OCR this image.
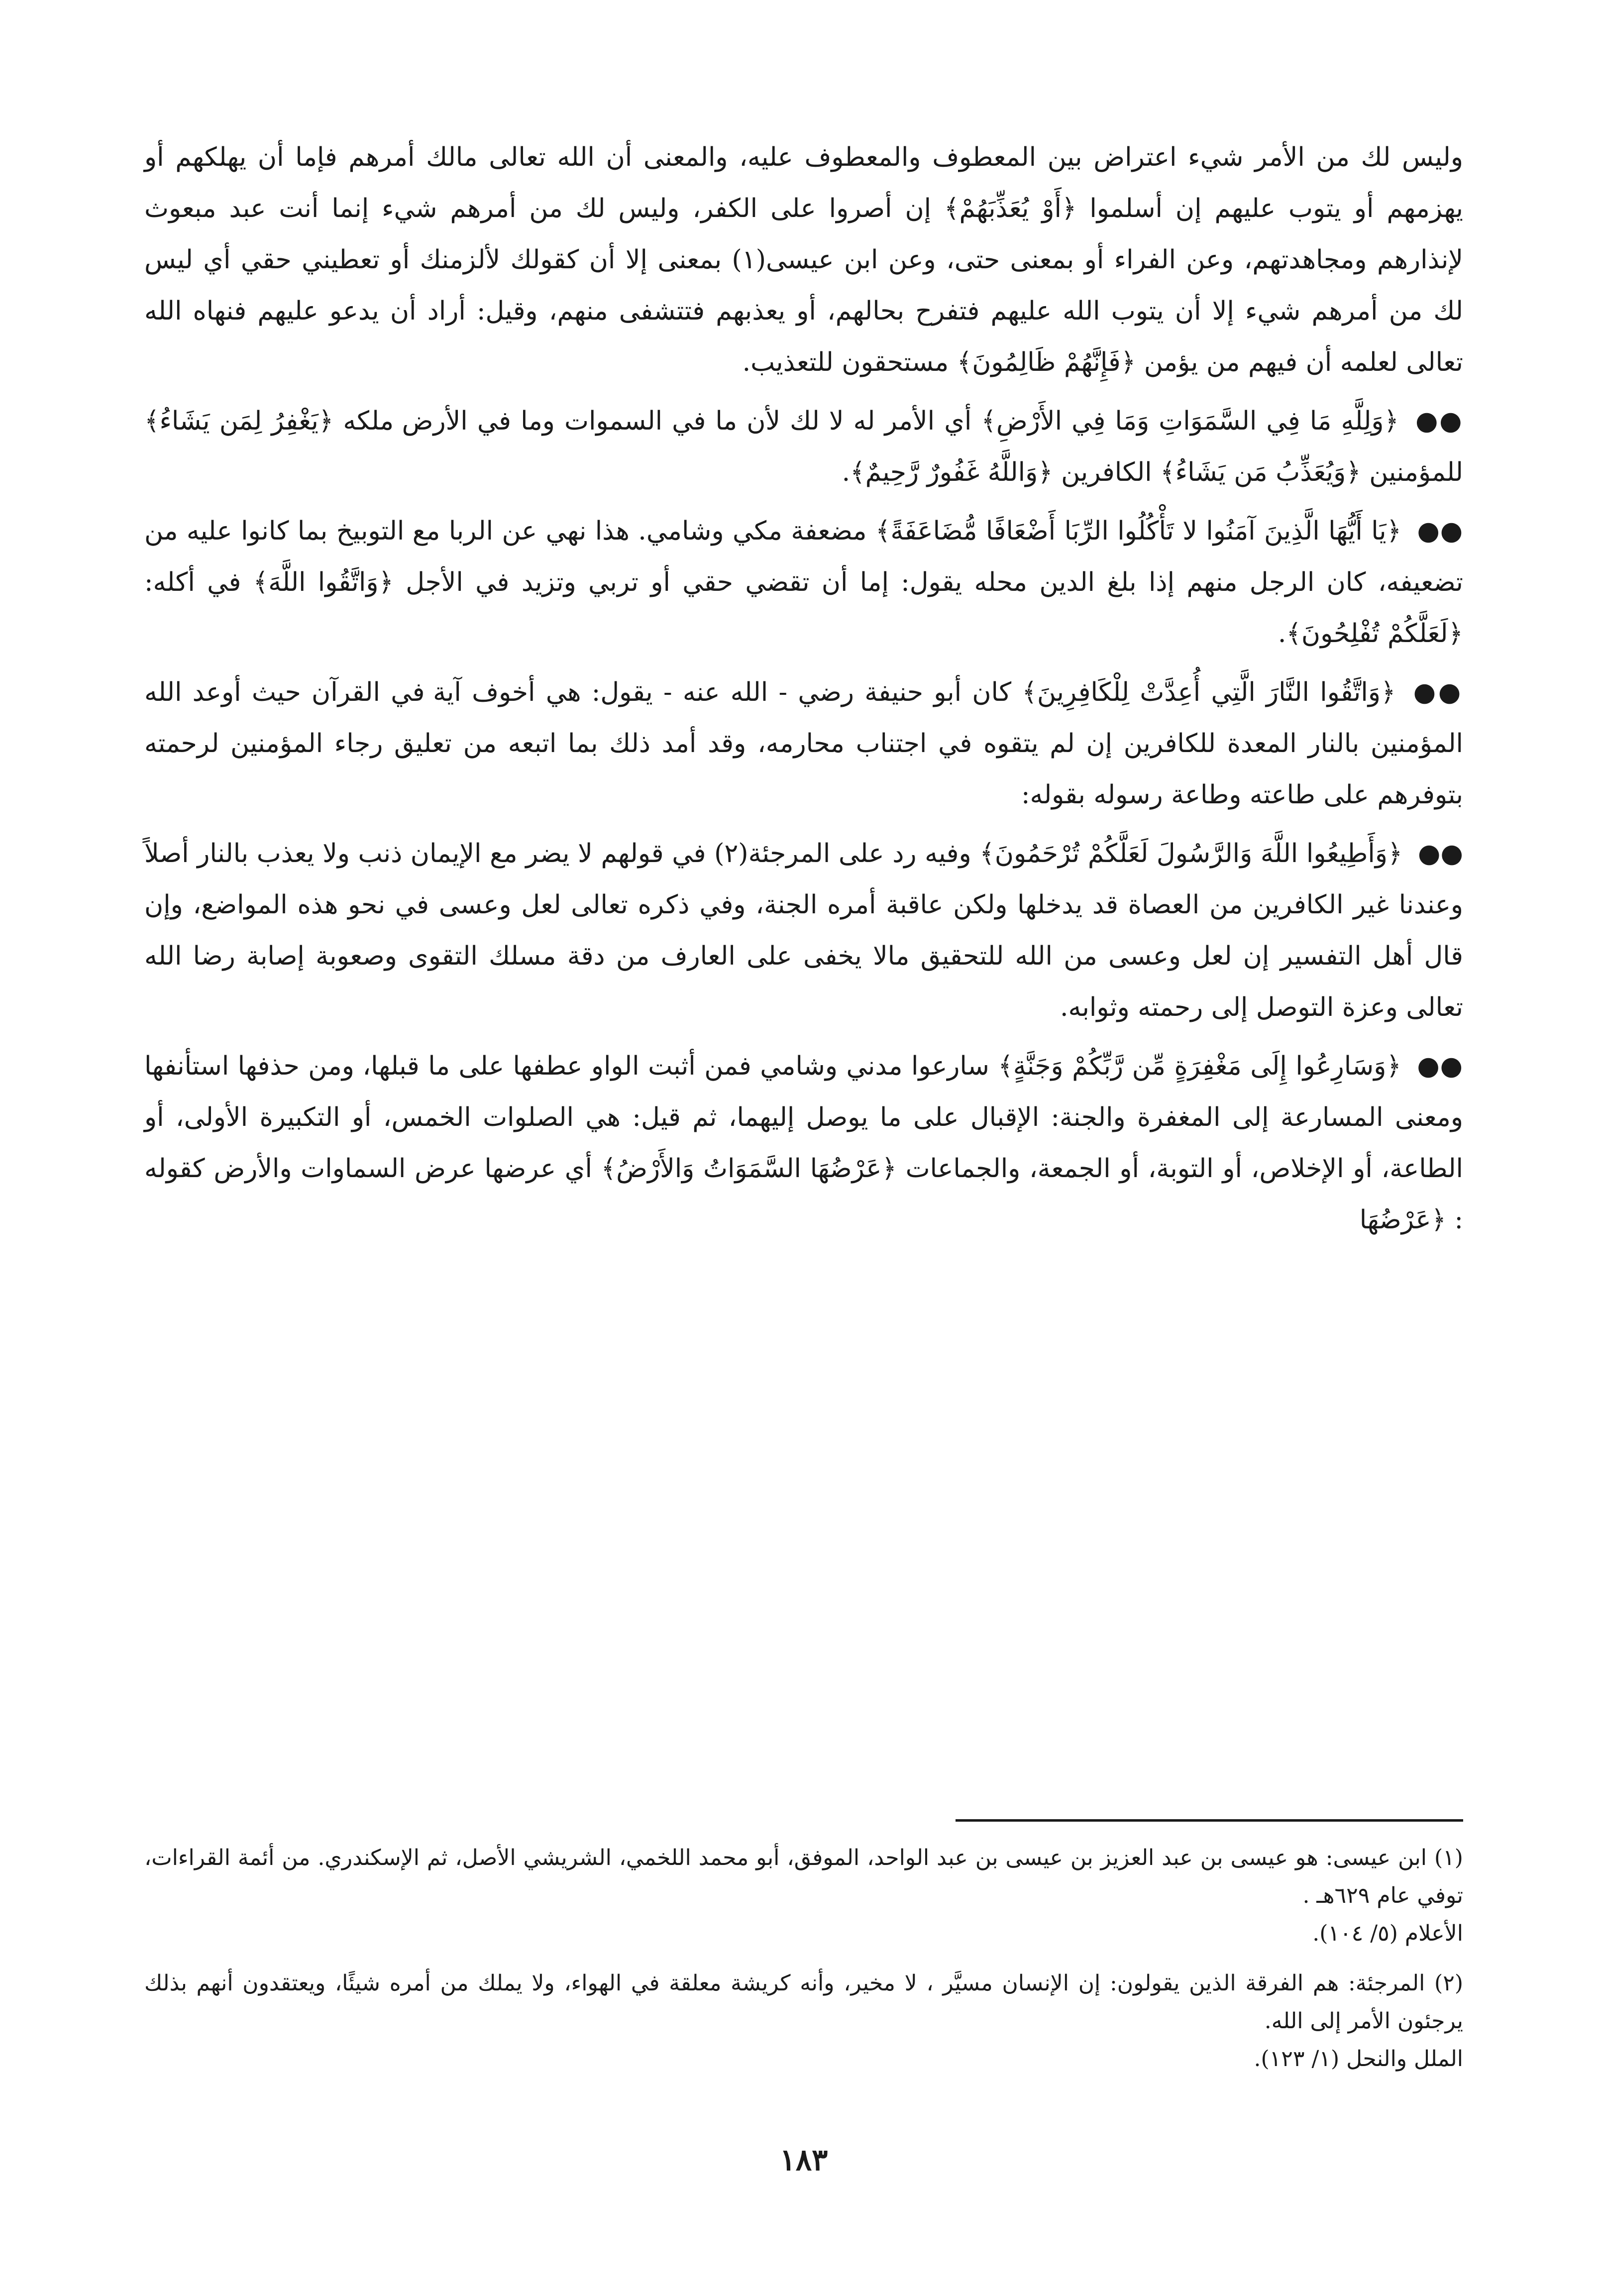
وليس لك من الأمر شيء اعتراض بين المعطوف والمعطوف عليه، والمعنى أن الله تعالى مالك أمرهم فإما أن يهلكهم أو يهزمهم أو يتوب عليهم إن أسلموا ﴿أَوْ يُعَذِّبَهُمْ﴾ إن أصروا على الكفر، وليس لك من أمرهم شيء إنما أنت عبد مبعوث لإنذارهم ومجاهدتهم، وعن الفراء أو بمعنى حتى، وعن ابن عيسى(١) بمعنى إلا أن كقولك لألزمنك أو تعطيني حقي أي ليس لك من أمرهم شيء إلا أن يتوب الله عليهم فتفرح بحالهم، أو يعذبهم فتتشفى منهم، وقيل: أراد أن يدعو عليهم فنهاه الله تعالى لعلمه أن فيهم من يؤمن ﴿فَإِنَّهُمْ ظَالِمُونَ﴾ مستحقون للتعذيب.

●● ﴿وَلِلَّهِ مَا فِي السَّمَوَاتِ وَمَا فِي الأَرْضِ﴾ أي الأمر له لا لك لأن ما في السموات وما في الأرض ملكه ﴿يَغْفِرُ لِمَن يَشَاءُ﴾ للمؤمنين ﴿وَيُعَذِّبُ مَن يَشَاءُ﴾ الكافرين ﴿وَاللَّهُ غَفُورٌ رَّحِيمٌ﴾.

●● ﴿يَا أَيُّهَا الَّذِينَ آمَنُوا لا تَأْكُلُوا الرِّبَا أَضْعَافًا مُّضَاعَفَةً﴾ مضعفة مكي وشامي. هذا نهي عن الربا مع التوبيخ بما كانوا عليه من تضعيفه، كان الرجل منهم إذا بلغ الدين محله يقول: إما أن تقضي حقي أو تربي وتزيد في الأجل ﴿وَاتَّقُوا اللَّهَ﴾ في أكله: ﴿لَعَلَّكُمْ تُفْلِحُونَ﴾.

●● ﴿وَاتَّقُوا النَّارَ الَّتِي أُعِدَّتْ لِلْكَافِرِينَ﴾ كان أبو حنيفة رضي - الله عنه - يقول: هي أخوف آية في القرآن حيث أوعد الله المؤمنين بالنار المعدة للكافرين إن لم يتقوه في اجتناب محارمه، وقد أمد ذلك بما اتبعه من تعليق رجاء المؤمنين لرحمته بتوفرهم على طاعته وطاعة رسوله بقوله:

●● ﴿وَأَطِيعُوا اللَّهَ وَالرَّسُولَ لَعَلَّكُمْ تُرْحَمُونَ﴾ وفيه رد على المرجئة(٢) في قولهم لا يضر مع الإيمان ذنب ولا يعذب بالنار أصلاً وعندنا غير الكافرين من العصاة قد يدخلها ولكن عاقبة أمره الجنة، وفي ذكره تعالى لعل وعسى في نحو هذه المواضع، وإن قال أهل التفسير إن لعل وعسى من الله للتحقيق مالا يخفى على العارف من دقة مسلك التقوى وصعوبة إصابة رضا الله تعالى وعزة التوصل إلى رحمته وثوابه.

●● ﴿وَسَارِعُوا إِلَى مَغْفِرَةٍ مِّن رَّبِّكُمْ وَجَنَّةٍ﴾ سارعوا مدني وشامي فمن أثبت الواو عطفها على ما قبلها، ومن حذفها استأنفها ومعنى المسارعة إلى المغفرة والجنة: الإقبال على ما يوصل إليهما، ثم قيل: هي الصلوات الخمس، أو التكبيرة الأولى، أو الطاعة، أو الإخلاص، أو التوبة، أو الجمعة، والجماعات ﴿عَرْضُهَا السَّمَوَاتُ وَالأَرْضُ﴾ أي عرضها عرض السماوات والأرض كقوله : ﴿عَرْضُهَا

(١) ابن عيسى: هو عيسى بن عبد العزيز بن عيسى بن عبد الواحد، الموفق، أبو محمد اللخمي، الشريشي الأصل، ثم الإسكندري. من أئمة القراءات، توفي عام ٦٢٩هـ .
الأعلام (٥/ ١٠٤).

(٢) المرجئة: هم الفرقة الذين يقولون: إن الإنسان مسيَّر ، لا مخير، وأنه كريشة معلقة في الهواء، ولا يملك من أمره شيئًا، ويعتقدون أنهم بذلك يرجئون الأمر إلى الله.
الملل والنحل (١/ ١٢٣).

١٨٣
